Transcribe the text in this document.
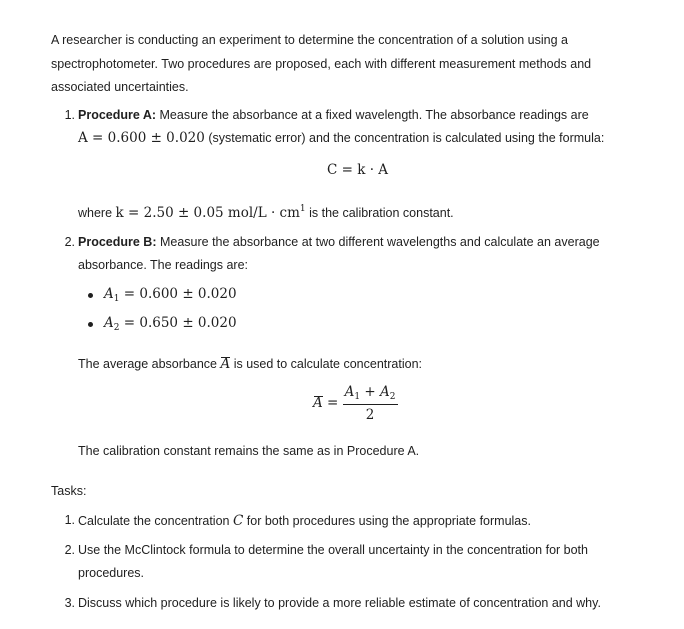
A researcher is conducting an experiment to determine the concentration of a solution using a spectrophotometer. Two procedures are proposed, each with different measurement methods and associated uncertainties.
1. Procedure A: Measure the absorbance at a fixed wavelength. The absorbance readings are
A = 0.600 ± 0.020 (systematic error) and the concentration is calculated using the formula:
C = k · A
where k = 2.50 ± 0.05 $mol/L \cdot cm^1$ is the calibration constant.
2. Procedure B: Measure the absorbance at two different wavelengths and calculate an average
absorbance. The readings are:
$A_1 = 0.600 \pm 0.020$
$A_2 = 0.650 \pm 0.020$
The average absorbance A is used to calculate concentration:
$A = \frac{A_1 + A_2}{2}$
The calibration constant remains the same as in Procedure A.
Tasks:
1. Calculate the concentration C for both procedures using the appropriate formulas.
2. Use the McClintock formula to determine the overall uncertainty in the concentration for both
procedures.
3. Discuss which procedure is likely to provide a more reliable estimate of concentration and why.
